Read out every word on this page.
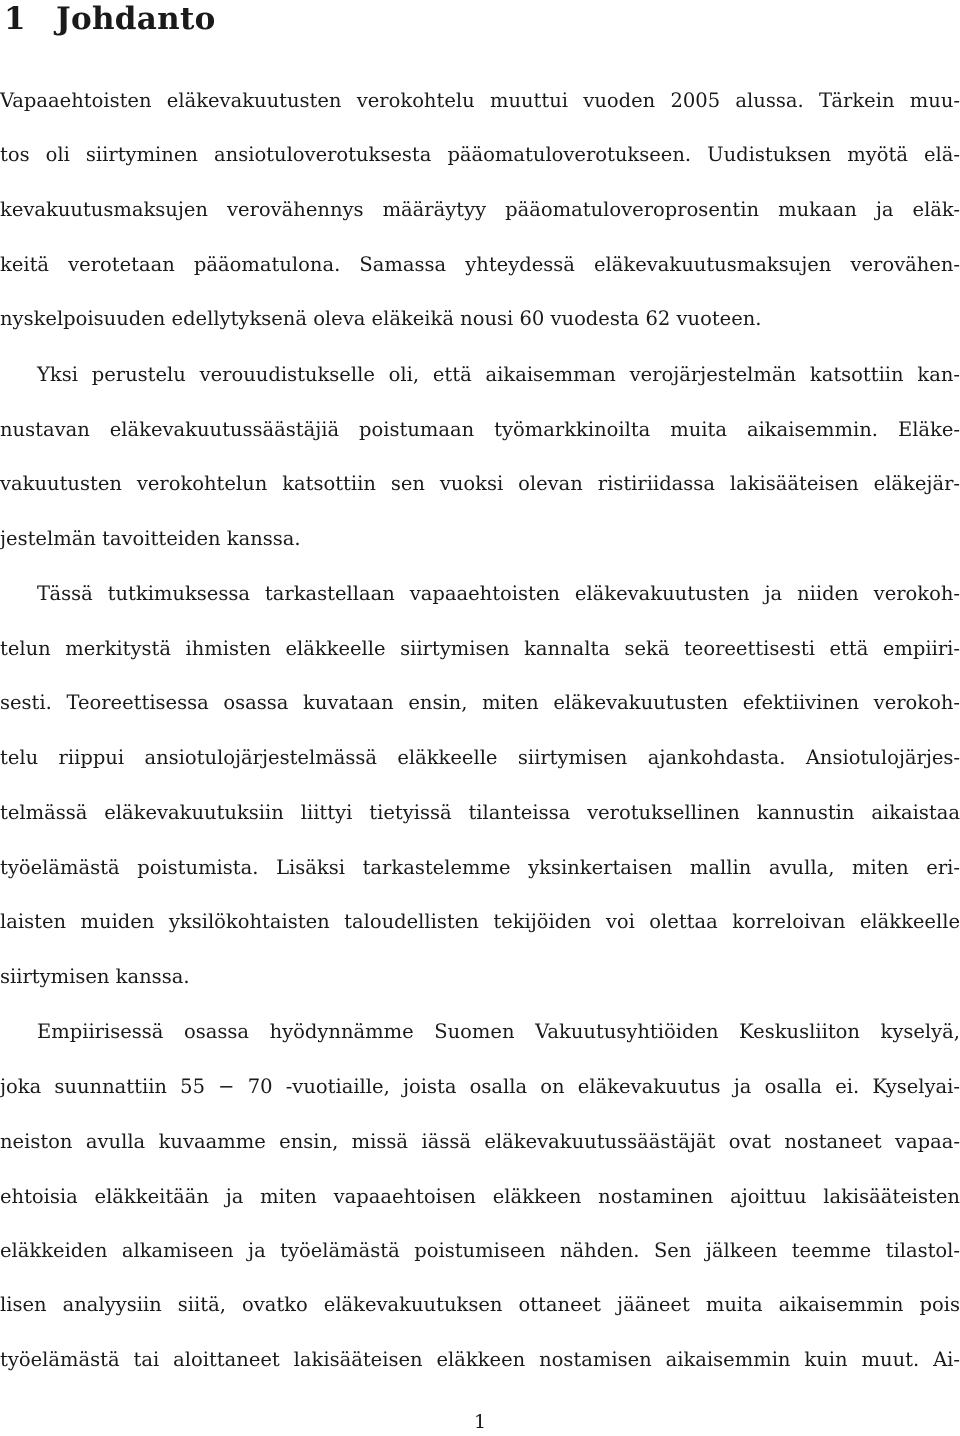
1 Johdanto
Vapaaehtoisten eläkevakuutusten verokohtelu muuttui vuoden 2005 alussa. Tärkein muu-
tos oli siirtyminen ansiotuloverotuksesta pääomatuloverotukseen. Uudistuksen myötä elä-
kevakuutusmaksujen verovähennys määräytyy pääomatuloveroprosentin mukaan ja eläk-
keitä verotetaan pääomatulona. Samassa yhteydessä eläkevakuutusmaksujen verovähen-
nyskelpoisuuden edellytyksenä oleva eläkeikä nousi 60 vuodesta 62 vuoteen.
Yksi perustelu verouudistukselle oli, että aikaisemman verojärjestelmän katsottiin kan-
nustavan eläkevakuutussäästäjiä poistumaan työmarkkinoilta muita aikaisemmin. Eläke-
vakuutusten verokohtelun katsottiin sen vuoksi olevan ristiriidassa lakisääteisen eläkejär-
jestelmän tavoitteiden kanssa.
Tässä tutkimuksessa tarkastellaan vapaaehtoisten eläkevakuutusten ja niiden verokoh-
telun merkitystä ihmisten eläkkeelle siirtymisen kannalta sekä teoreettisesti että empiiri-
sesti. Teoreettisessa osassa kuvataan ensin, miten eläkevakuutusten efektiivinen verokoh-
telu riippui ansiotulojärjestelmässä eläkkeelle siirtymisen ajankohdasta. Ansiotulojärjes-
telmässä eläkevakuutuksiin liittyi tietyissä tilanteissa verotuksellinen kannustin aikaistaa
työelämästä poistumista. Lisäksi tarkastelemme yksinkertaisen mallin avulla, miten eri-
laisten muiden yksilökohtaisten taloudellisten tekijöiden voi olettaa korreloivan eläkkeelle
siirtymisen kanssa.
Empiirisessä osassa hyödynnämme Suomen Vakuutusyhtiöiden Keskusliiton kyselyä,
joka suunnattiin 55 − 70 -vuotiaille, joista osalla on eläkevakuutus ja osalla ei. Kyselyai-
neiston avulla kuvaamme ensin, missä iässä eläkevakuutussäästäjät ovat nostaneet vapaa-
ehtoisia eläkkeitään ja miten vapaaehtoisen eläkkeen nostaminen ajoittuu lakisääteisten
eläkkeiden alkamiseen ja työelämästä poistumiseen nähden. Sen jälkeen teemme tilastol-
lisen analyysiin siitä, ovatko eläkevakuutuksen ottaneet jääneet muita aikaisemmin pois
työelämästä tai aloittaneet lakisääteisen eläkkeen nostamisen aikaisemmin kuin muut. Ai-
1
